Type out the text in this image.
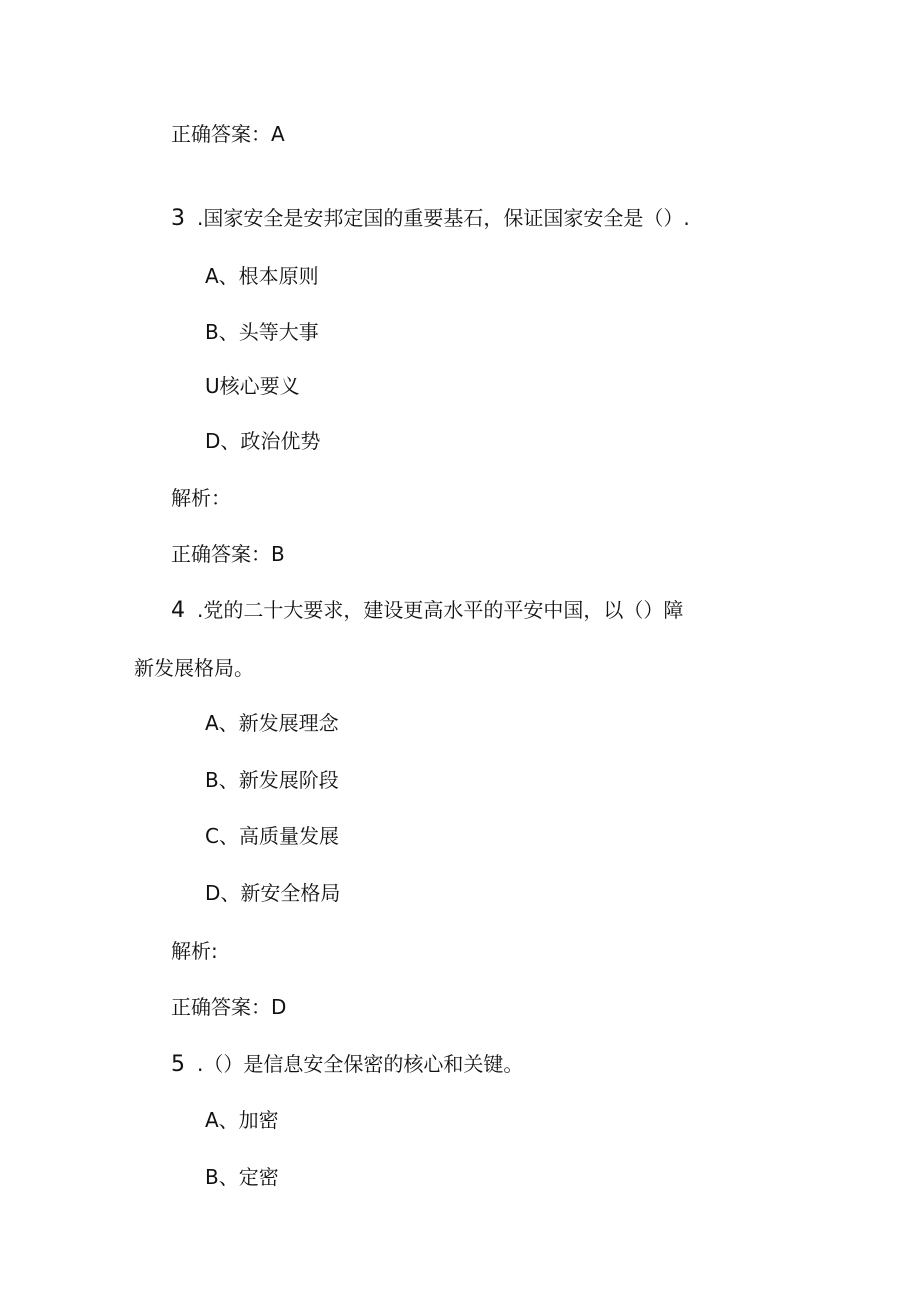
正确答案：A
3 .国家安全是安邦定国的重要基石，保证国家安全是（）.
A、根本原则
B、头等大事
U核心要义
D、政治优势
解析：
正确答案：B
4 .党的二十大要求，建设更高水平的平安中国，以（）障
新发展格局。
A、新发展理念
B、新发展阶段
C、高质量发展
D、新安全格局
解析:
正确答案：D
5 .（）是信息安全保密的核心和关键。
A、加密
B、定密
